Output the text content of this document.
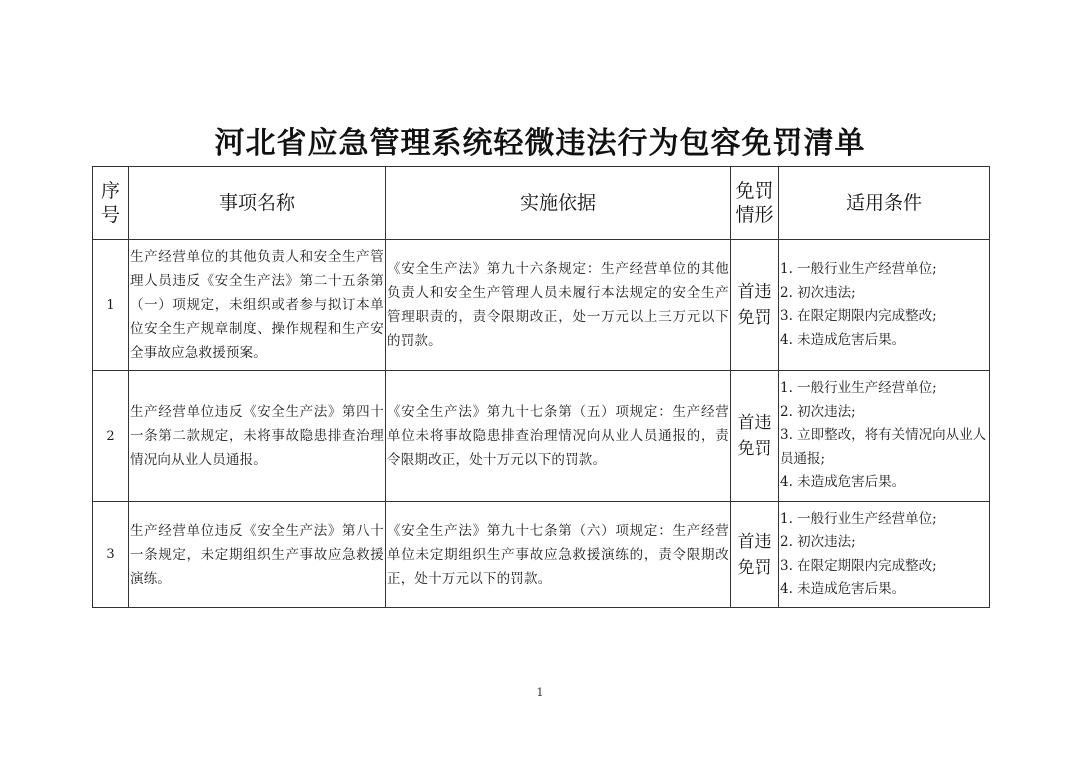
河北省应急管理系统轻微违法行为包容免罚清单
序号	事项名称	实施依据	免罚情形	适用条件
1	生产经营单位的其他负责人和安全生产管理人员违反《安全生产法》第二十五条第（一）项规定，未组织或者参与拟订本单位安全生产规章制度、操作规程和生产安全事故应急救援预案。	《安全生产法》第九十六条规定：生产经营单位的其他负责人和安全生产管理人员未履行本法规定的安全生产管理职责的，责令限期改正，处一万元以上三万元以下的罚款。	首违免罚	1. 一般行业生产经营单位;
2. 初次违法;
3. 在限定期限内完成整改;
4. 未造成危害后果。

2	生产经营单位违反《安全生产法》第四十一条第二款规定，未将事故隐患排查治理情况向从业人员通报。	《安全生产法》第九十七条第（五）项规定：生产经营单位未将事故隐患排查治理情况向从业人员通报的，责令限期改正，处十万元以下的罚款。	首违免罚	1. 一般行业生产经营单位;
2. 初次违法;
3. 立即整改，将有关情况向从业人员通报;
4. 未造成危害后果。

3	生产经营单位违反《安全生产法》第八十一条规定，未定期组织生产事故应急救援演练。	《安全生产法》第九十七条第（六）项规定：生产经营单位未定期组织生产事故应急救援演练的，责令限期改正，处十万元以下的罚款。	首违免罚	1. 一般行业生产经营单位;
2. 初次违法;
3. 在限定期限内完成整改;
4. 未造成危害后果。
1
